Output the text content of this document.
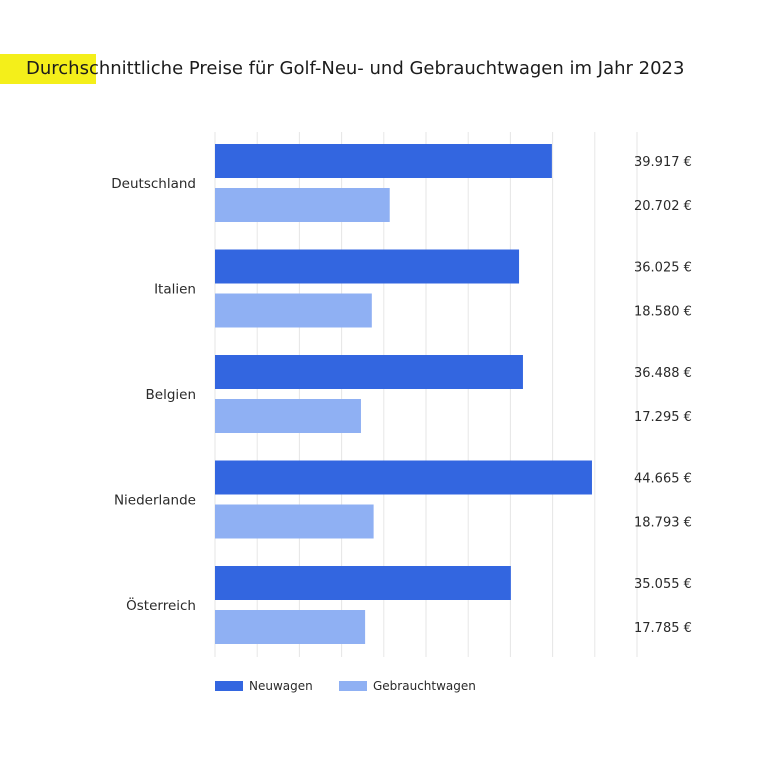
Durchschnittliche Preise für Golf-Neu- und Gebrauchtwagen im Jahr 2023
Deutschland
39.917 €
20.702 €
Italien
36.025 €
18.580 €
Belgien
36.488 €
17.295 €
Niederlande
44.665 €
18.793 €
Österreich
35.055 €
17.785 €
Neuwagen	Gebrauchtwagen
